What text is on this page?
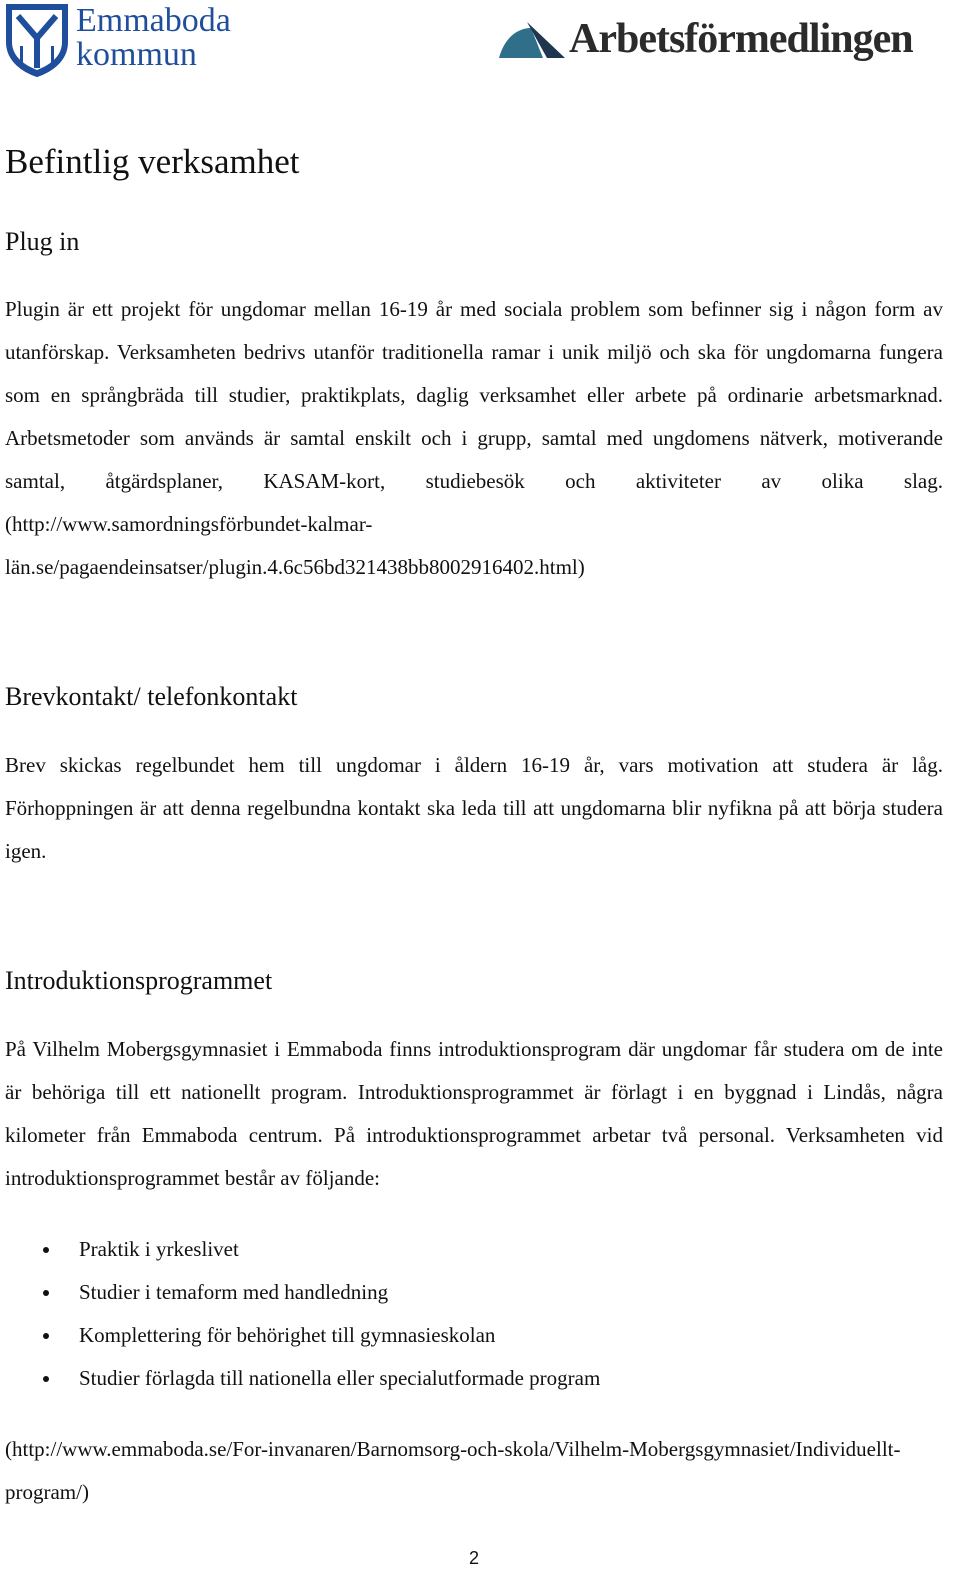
Emmaboda
kommun	Arbetsförmedlingen
Befintlig verksamhet
Plug in

Plugin är ett projekt för ungdomar mellan 16-19 år med sociala problem som befinner sig i någon form av utanförskap. Verksamheten bedrivs utanför traditionella ramar i unik miljö och ska för ungdomarna fungera som en språngbräda till studier, praktikplats, daglig verksamhet eller arbete på ordinarie arbetsmarknad. Arbetsmetoder som används är samtal enskilt och i grupp, samtal med ungdomens nätverk, motiverande samtal, åtgärdsplaner, KASAM-kort, studiebesök och aktiviteter av olika slag. (http://www.samordningsförbundet-kalmar-län.se/pagaendeinsatser/plugin.4.6c56bd321438bb8002916402.html)

Brevkontakt/ telefonkontakt

Brev skickas regelbundet hem till ungdomar i åldern 16-19 år, vars motivation att studera är låg. Förhoppningen är att denna regelbundna kontakt ska leda till att ungdomarna blir nyfikna på att börja studera igen.

Introduktionsprogrammet

På Vilhelm Mobergsgymnasiet i Emmaboda finns introduktionsprogram där ungdomar får studera om de inte är behöriga till ett nationellt program. Introduktionsprogrammet är förlagt i en byggnad i Lindås, några kilometer från Emmaboda centrum. På introduktionsprogrammet arbetar två personal. Verksamheten vid introduktionsprogrammet består av följande:

Praktik i yrkeslivet
Studier i temaform med handledning
Komplettering för behörighet till gymnasieskolan
Studier förlagda till nationella eller specialutformade program

(http://www.emmaboda.se/For-invanaren/Barnomsorg-och-skola/Vilhelm-Mobergsgymnasiet/Individuellt-program/)

2
